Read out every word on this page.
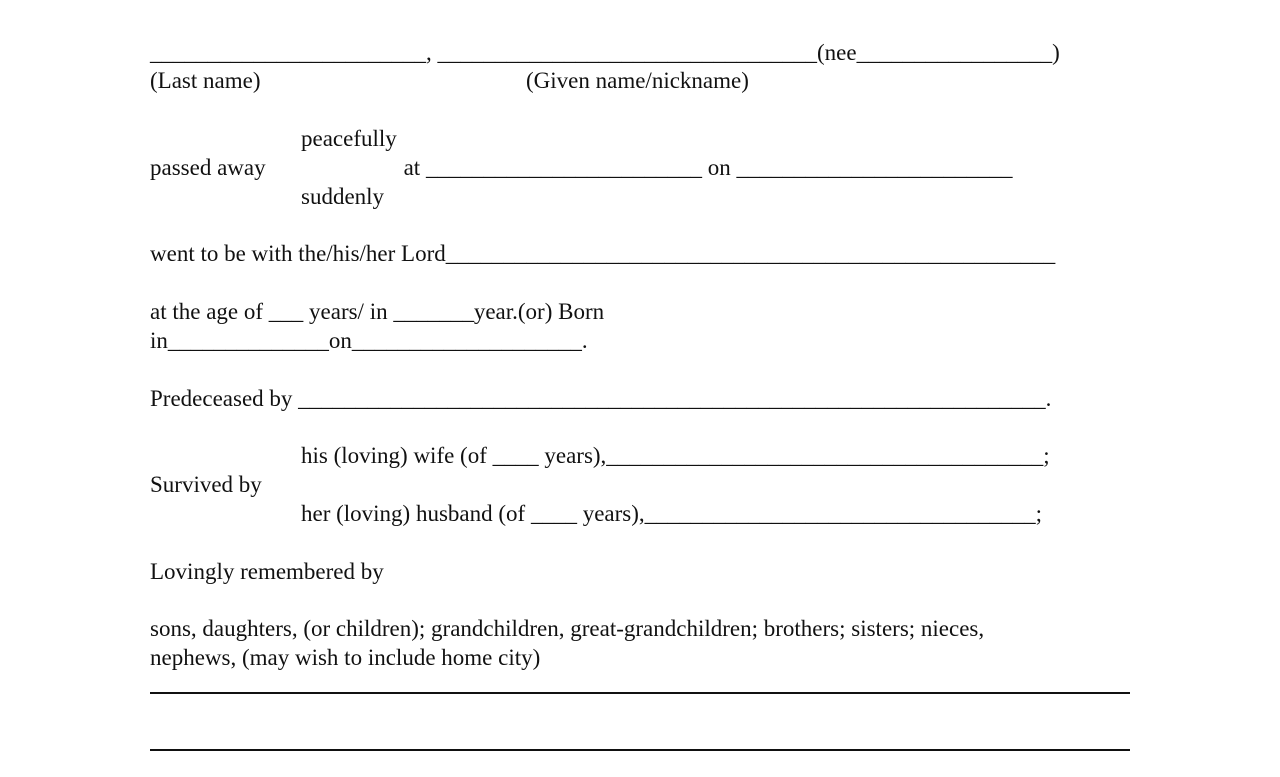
________________________, _________________________________(nee_________________)
(Last name)	(Given name/nickname)
peacefully
passed away                        at ________________________ on ________________________
suddenly
went to be with the/his/her Lord_____________________________________________________
at the age of ___ years/ in _______year.(or) Born
in______________on____________________.
Predeceased by _________________________________________________________________.
his (loving) wife (of ____ years),______________________________________;
Survived by
her (loving) husband (of ____ years),__________________________________;
Lovingly remembered by
sons, daughters, (or children); grandchildren, great-grandchildren; brothers; sisters; nieces,
nephews, (may wish to include home city)
